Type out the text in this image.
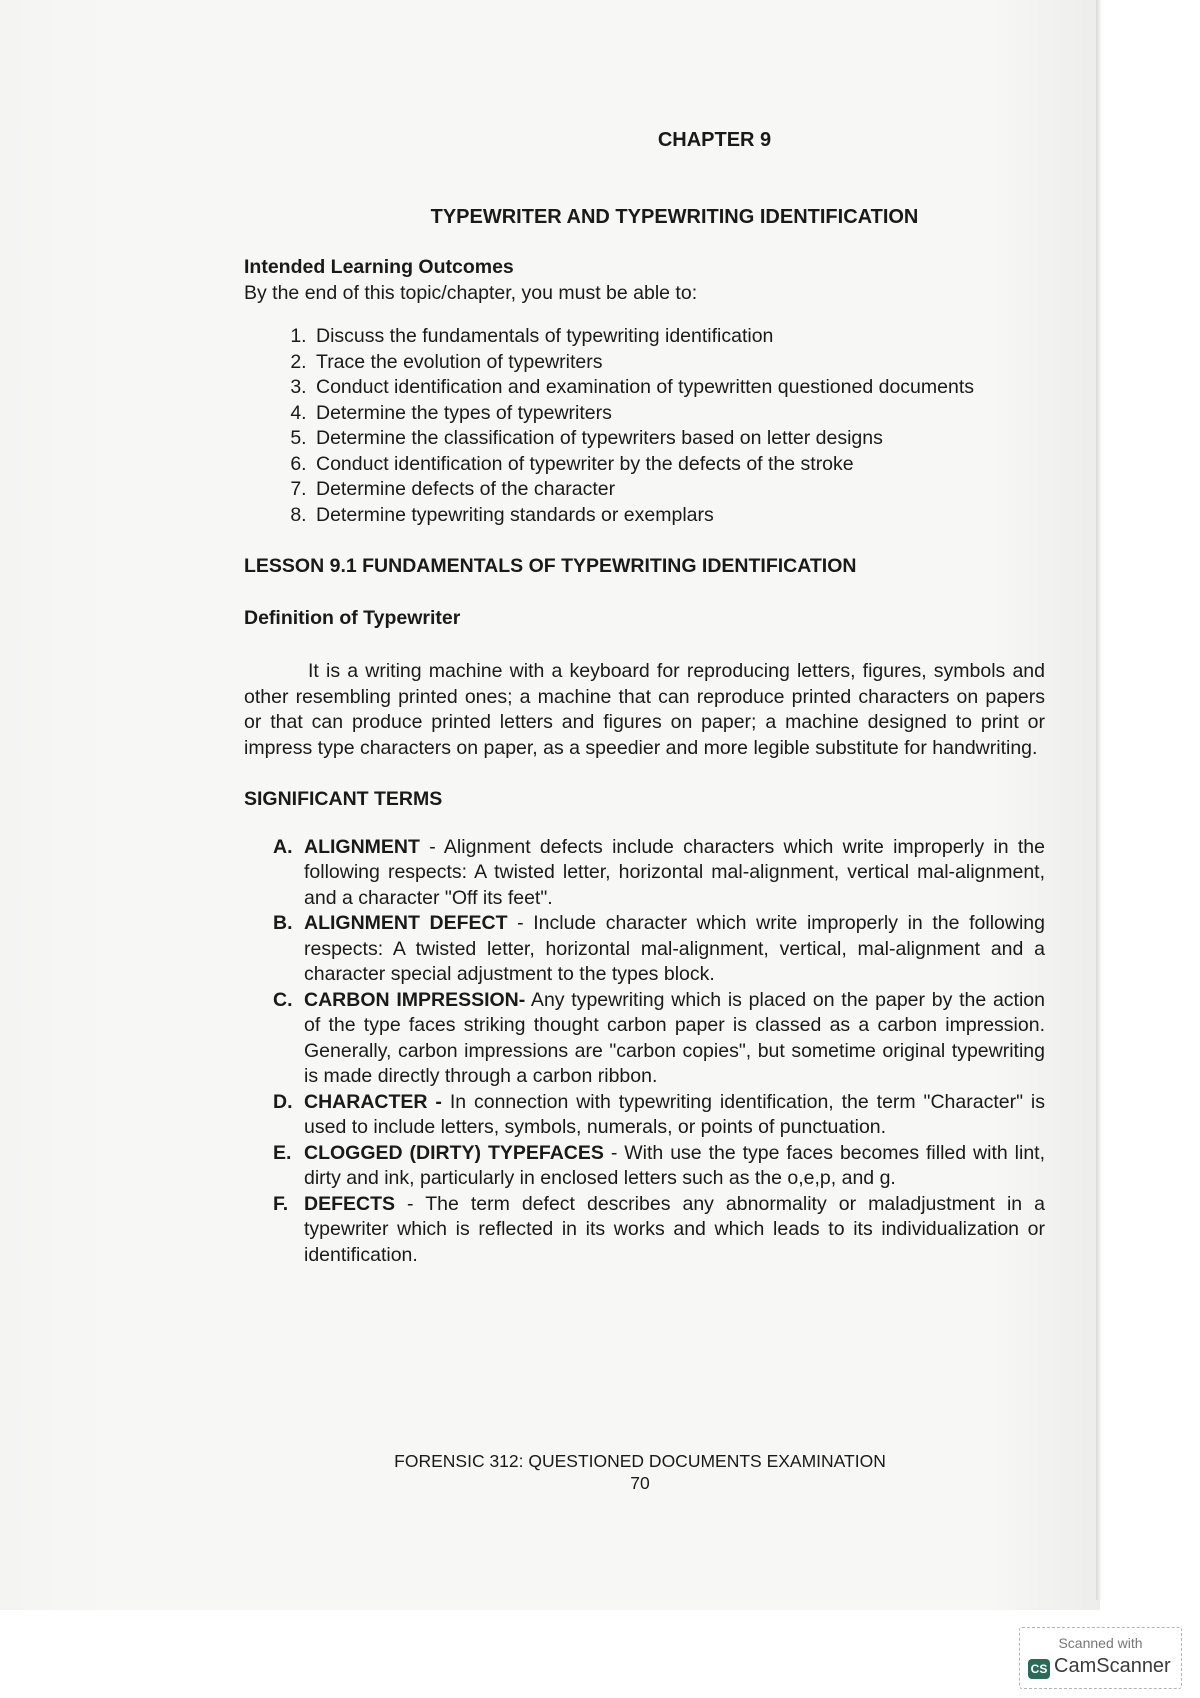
CHAPTER 9

TYPEWRITER AND TYPEWRITING IDENTIFICATION

Intended Learning Outcomes

By the end of this topic/chapter, you must be able to:

1. Discuss the fundamentals of typewriting identification
2. Trace the evolution of typewriters
3. Conduct identification and examination of typewritten questioned documents
4. Determine the types of typewriters
5. Determine the classification of typewriters based on letter designs
6. Conduct identification of typewriter by the defects of the stroke
7. Determine defects of the character
8. Determine typewriting standards or exemplars

LESSON 9.1 FUNDAMENTALS OF TYPEWRITING IDENTIFICATION

Definition of Typewriter

It is a writing machine with a keyboard for reproducing letters, figures, symbols and other resembling printed ones; a machine that can reproduce printed characters on papers or that can produce printed letters and figures on paper; a machine designed to print or impress type characters on paper, as a speedier and more legible substitute for handwriting.

SIGNIFICANT TERMS

A. ALIGNMENT - Alignment defects include characters which write improperly in the following respects: A twisted letter, horizontal mal-alignment, vertical mal-alignment, and a character "Off its feet".
B. ALIGNMENT DEFECT - Include character which write improperly in the following respects: A twisted letter, horizontal mal-alignment, vertical, mal-alignment and a character special adjustment to the types block.
C. CARBON IMPRESSION- Any typewriting which is placed on the paper by the action of the type faces striking thought carbon paper is classed as a carbon impression. Generally, carbon impressions are "carbon copies", but sometime original typewriting is made directly through a carbon ribbon.
D. CHARACTER - In connection with typewriting identification, the term "Character" is used to include letters, symbols, numerals, or points of punctuation.
E. CLOGGED (DIRTY) TYPEFACES - With use the type faces becomes filled with lint, dirty and ink, particularly in enclosed letters such as the o,e,p, and g.
F. DEFECTS - The term defect describes any abnormality or maladjustment in a typewriter which is reflected in its works and which leads to its individualization or identification.

FORENSIC 312: QUESTIONED DOCUMENTS EXAMINATION

70

Scanned with

CS CamScanner
